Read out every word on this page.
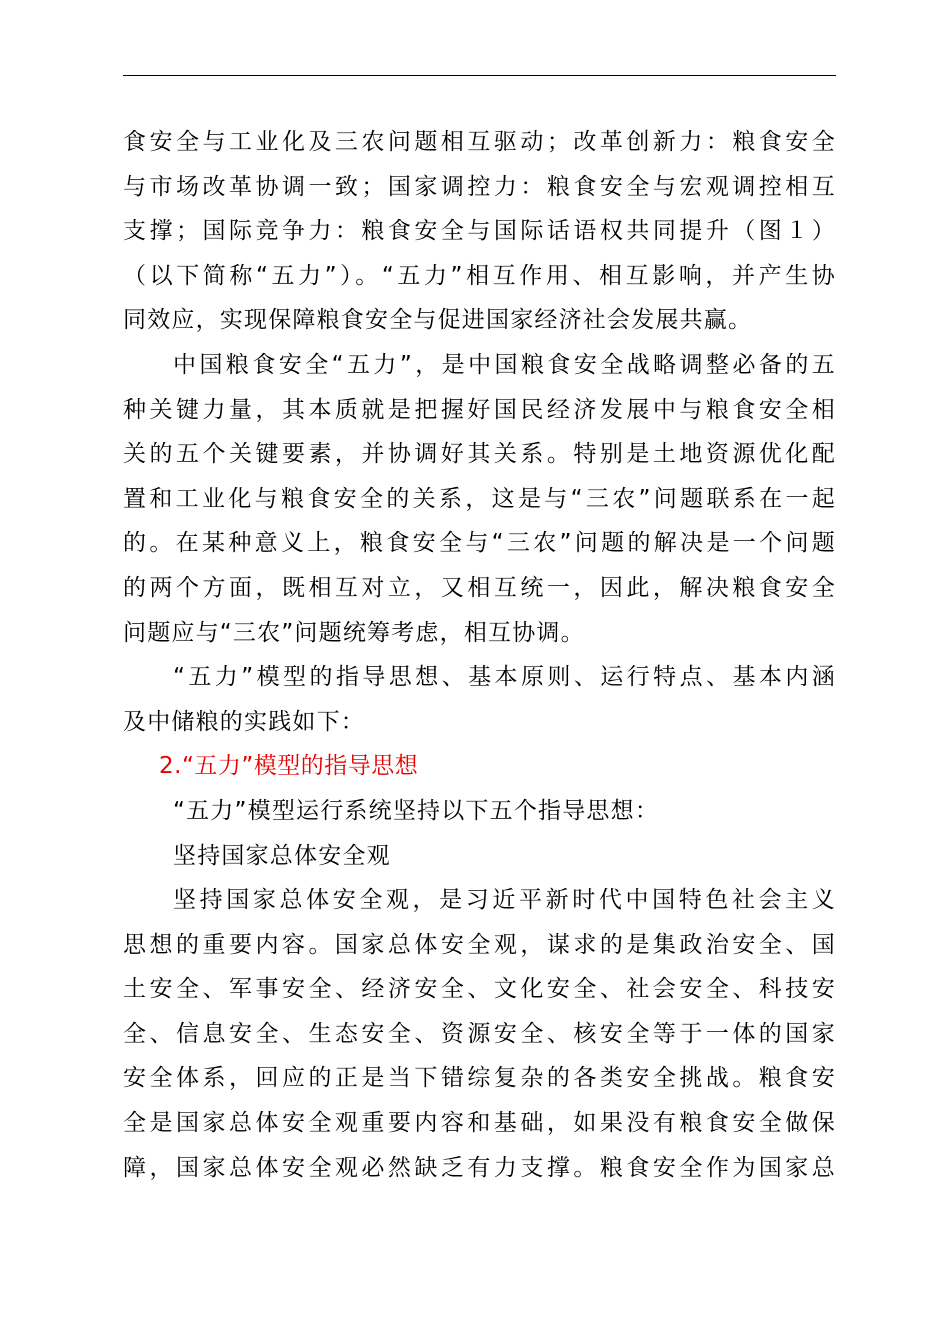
食安全与工业化及三农问题相互驱动；改革创新力：粮食安全
与市场改革协调一致；国家调控力：粮食安全与宏观调控相互
支撑；国际竞争力：粮食安全与国际话语权共同提升（图１）
（以下简称“五力”）。“五力”相互作用、相互影响，并产生协
同效应，实现保障粮食安全与促进国家经济社会发展共赢。

中国粮食安全“五力”，是中国粮食安全战略调整必备的五
种关键力量，其本质就是把握好国民经济发展中与粮食安全相
关的五个关键要素，并协调好其关系。特别是土地资源优化配
置和工业化与粮食安全的关系，这是与“三农”问题联系在一起
的。在某种意义上，粮食安全与“三农”问题的解决是一个问题
的两个方面，既相互对立，又相互统一，因此，解决粮食安全
问题应与“三农”问题统筹考虑，相互协调。

“五力”模型的指导思想、基本原则、运行特点、基本内涵
及中储粮的实践如下：

2.“五力”模型的指导思想

“五力”模型运行系统坚持以下五个指导思想：

坚持国家总体安全观

坚持国家总体安全观，是习近平新时代中国特色社会主义
思想的重要内容。国家总体安全观，谋求的是集政治安全、国
土安全、军事安全、经济安全、文化安全、社会安全、科技安
全、信息安全、生态安全、资源安全、核安全等于一体的国家
安全体系，回应的正是当下错综复杂的各类安全挑战。粮食安
全是国家总体安全观重要内容和基础，如果没有粮食安全做保
障，国家总体安全观必然缺乏有力支撑。粮食安全作为国家总
